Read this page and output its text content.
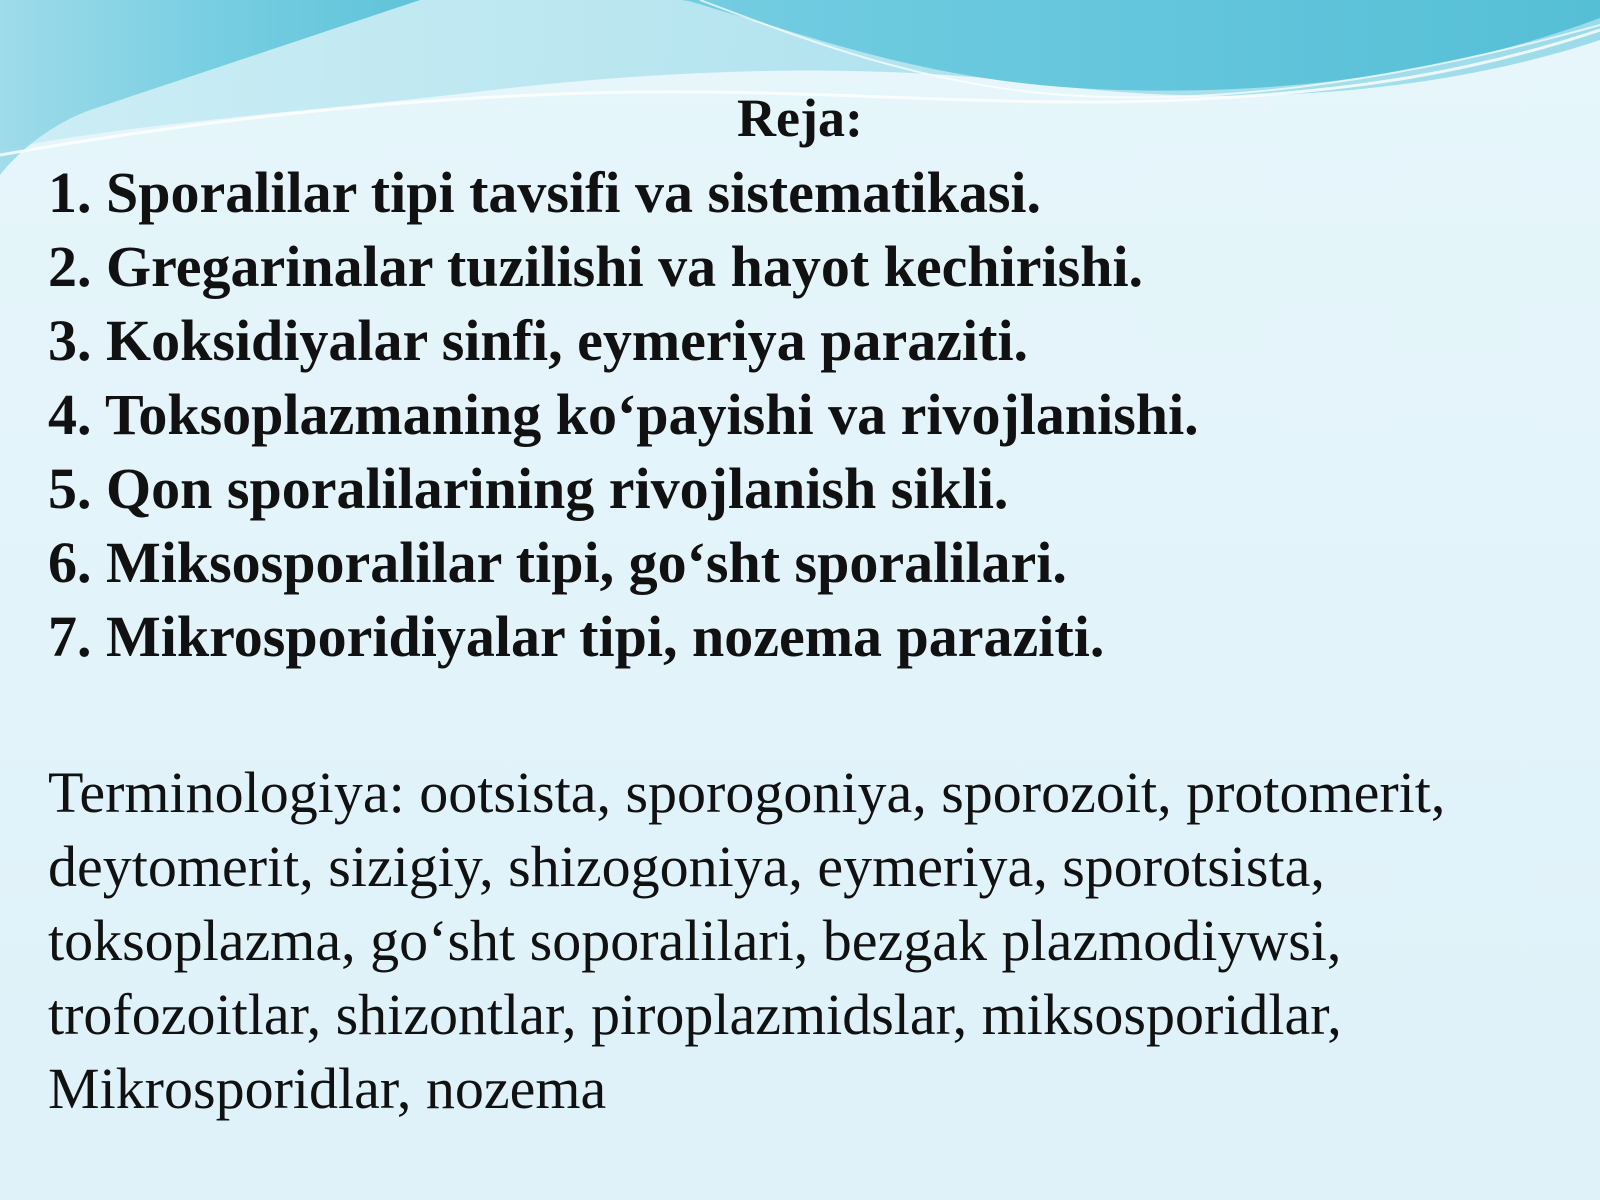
Reja:
1. Sporalilar tipi tavsifi va sistematikasi.
2. Gregarinalar tuzilishi va hayot kechirishi.
3. Koksidiyalar sinfi, eymeriya paraziti.
4. Toksoplazmaning ko‘payishi va rivojlanishi.
5. Qon sporalilarining rivojlanish sikli.
6. Miksosporalilar tipi, go‘sht sporalilari.
7. Mikrosporidiyalar tipi, nozema paraziti.

Terminologiya: ootsista, sporogoniya, sporozoit, protomerit, deytomerit, sizigiy, shizogoniya, eymeriya, sporotsista, toksoplazma, go‘sht soporalilari, bezgak plazmodiywsi, trofozoitlar, shizontlar, piroplazmidslar, miksosporidlar, Mikrosporidlar, nozema
